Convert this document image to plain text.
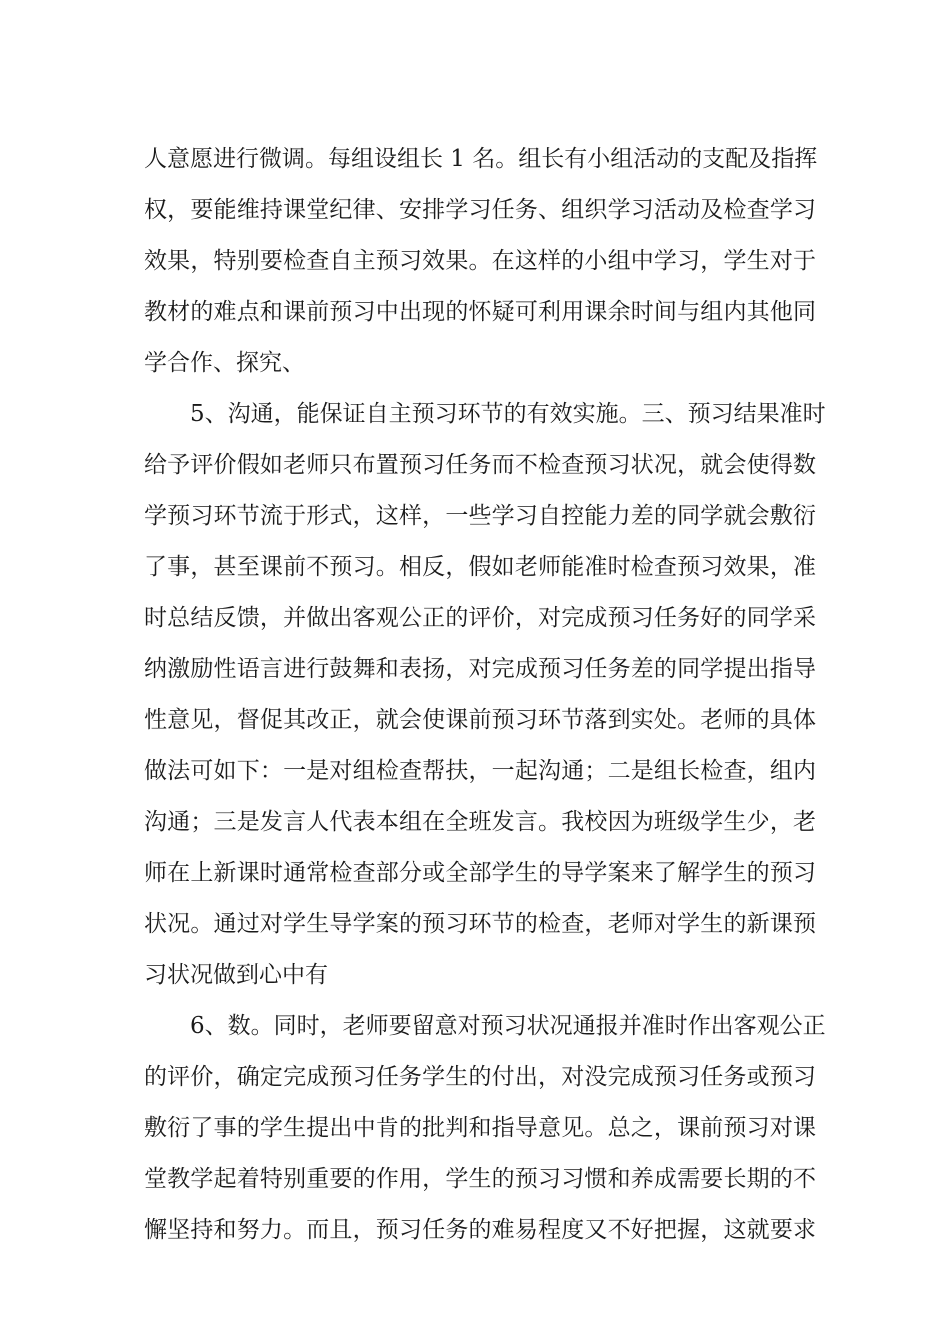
人意愿进行微调。每组设组长 1 名。组长有小组活动的支配及指挥
权，要能维持课堂纪律、安排学习任务、组织学习活动及检查学习
效果，特别要检查自主预习效果。在这样的小组中学习，学生对于
教材的难点和课前预习中出现的怀疑可利用课余时间与组内其他同
学合作、探究、
5、沟通，能保证自主预习环节的有效实施。三、预习结果准时
给予评价假如老师只布置预习任务而不检查预习状况，就会使得数
学预习环节流于形式，这样，一些学习自控能力差的同学就会敷衍
了事，甚至课前不预习。相反，假如老师能准时检查预习效果，准
时总结反馈，并做出客观公正的评价，对完成预习任务好的同学采
纳激励性语言进行鼓舞和表扬，对完成预习任务差的同学提出指导
性意见，督促其改正，就会使课前预习环节落到实处。老师的具体
做法可如下：一是对组检查帮扶，一起沟通；二是组长检查，组内
沟通；三是发言人代表本组在全班发言。我校因为班级学生少，老
师在上新课时通常检查部分或全部学生的导学案来了解学生的预习
状况。通过对学生导学案的预习环节的检查，老师对学生的新课预
习状况做到心中有
6、数。同时，老师要留意对预习状况通报并准时作出客观公正
的评价，确定完成预习任务学生的付出，对没完成预习任务或预习
敷衍了事的学生提出中肯的批判和指导意见。总之，课前预习对课
堂教学起着特别重要的作用，学生的预习习惯和养成需要长期的不
懈坚持和努力。而且，预习任务的难易程度又不好把握，这就要求
